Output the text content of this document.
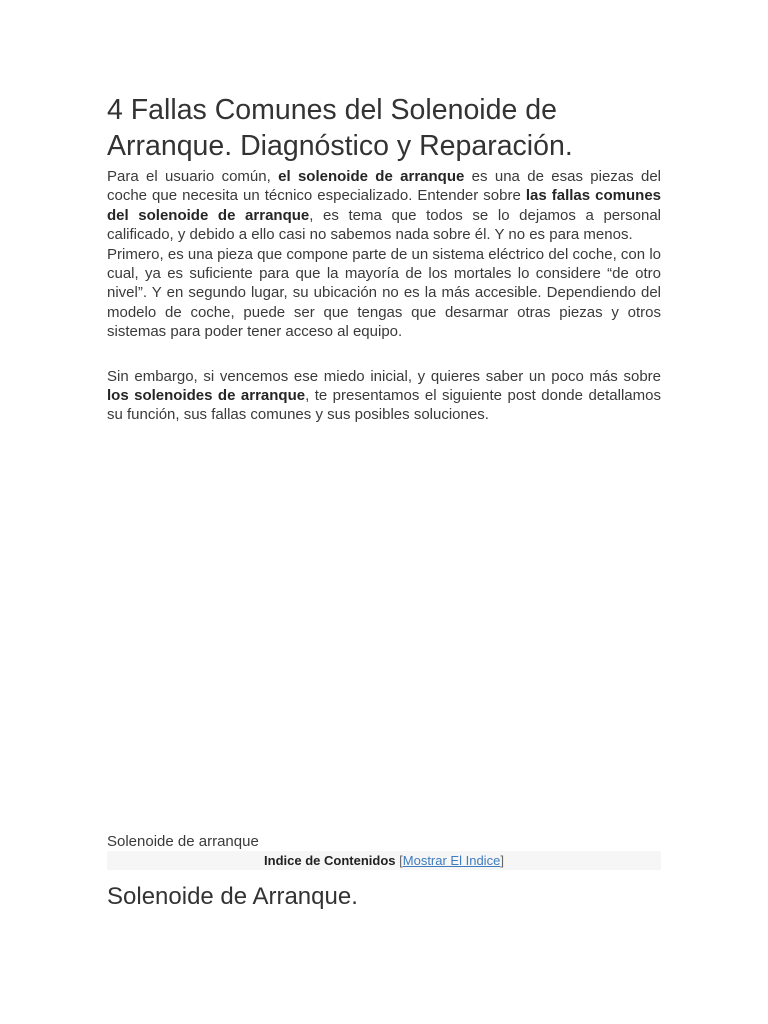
4 Fallas Comunes del Solenoide de Arranque. Diagnóstico y Reparación.

Para el usuario común, el solenoide de arranque es una de esas piezas del coche que necesita un técnico especializado. Entender sobre las fallas comunes del solenoide de arranque, es tema que todos se lo dejamos a personal calificado, y debido a ello casi no sabemos nada sobre él. Y no es para menos.

Primero, es una pieza que compone parte de un sistema eléctrico del coche, con lo cual, ya es suficiente para que la mayoría de los mortales lo considere “de otro nivel”. Y en segundo lugar, su ubicación no es la más accesible. Dependiendo del modelo de coche, puede ser que tengas que desarmar otras piezas y otros sistemas para poder tener acceso al equipo.

Sin embargo, si vencemos ese miedo inicial, y quieres saber un poco más sobre los solenoides de arranque, te presentamos el siguiente post donde detallamos su función, sus fallas comunes y sus posibles soluciones.

Solenoide de arranque
Indice de Contenidos [Mostrar El Indice]
Solenoide de Arranque.
